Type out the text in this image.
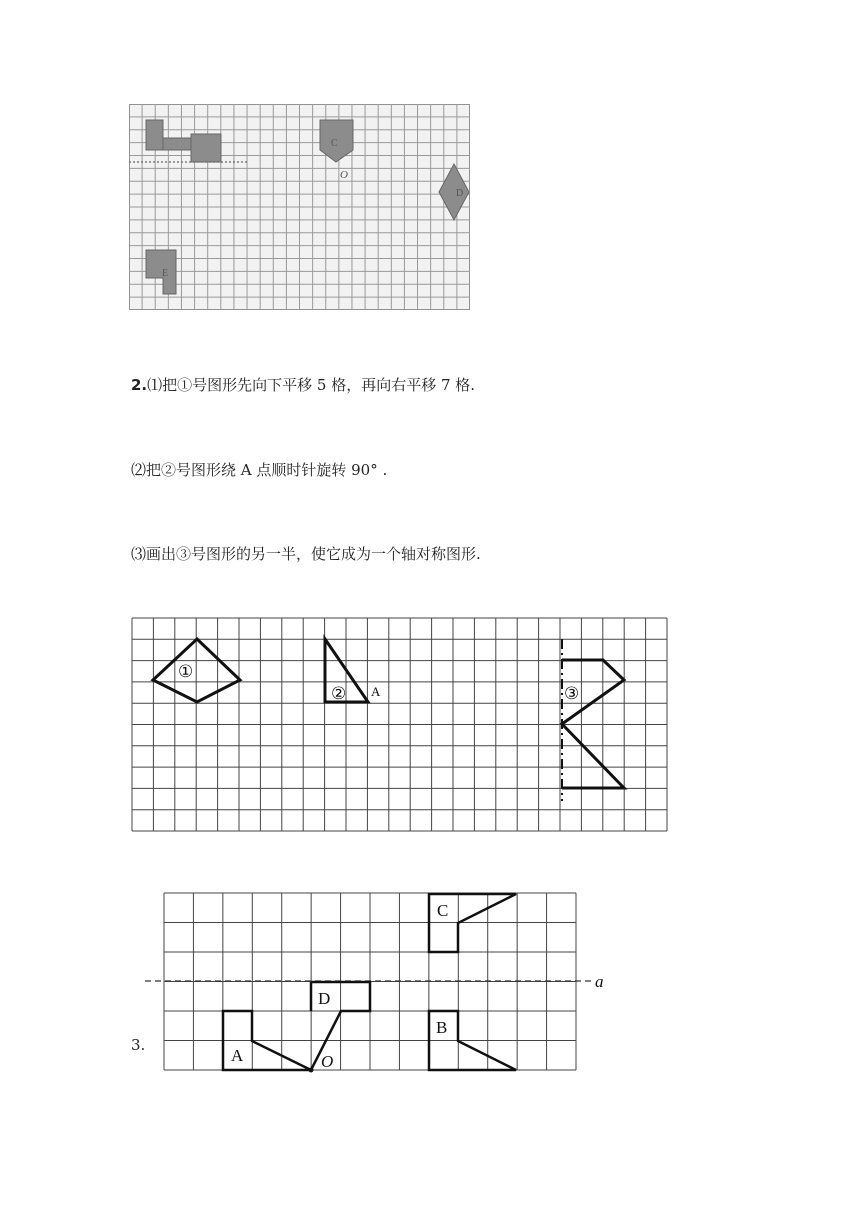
C
O
D
E
2.⑴把①号图形先向下平移 5 格，再向右平移 7 格.
⑵把②号图形绕 A 点顺时针旋转 90° .
⑶画出③号图形的另一半，使它成为一个轴对称图形.
①
② A	③
3.
a
A
D
O
C
B
